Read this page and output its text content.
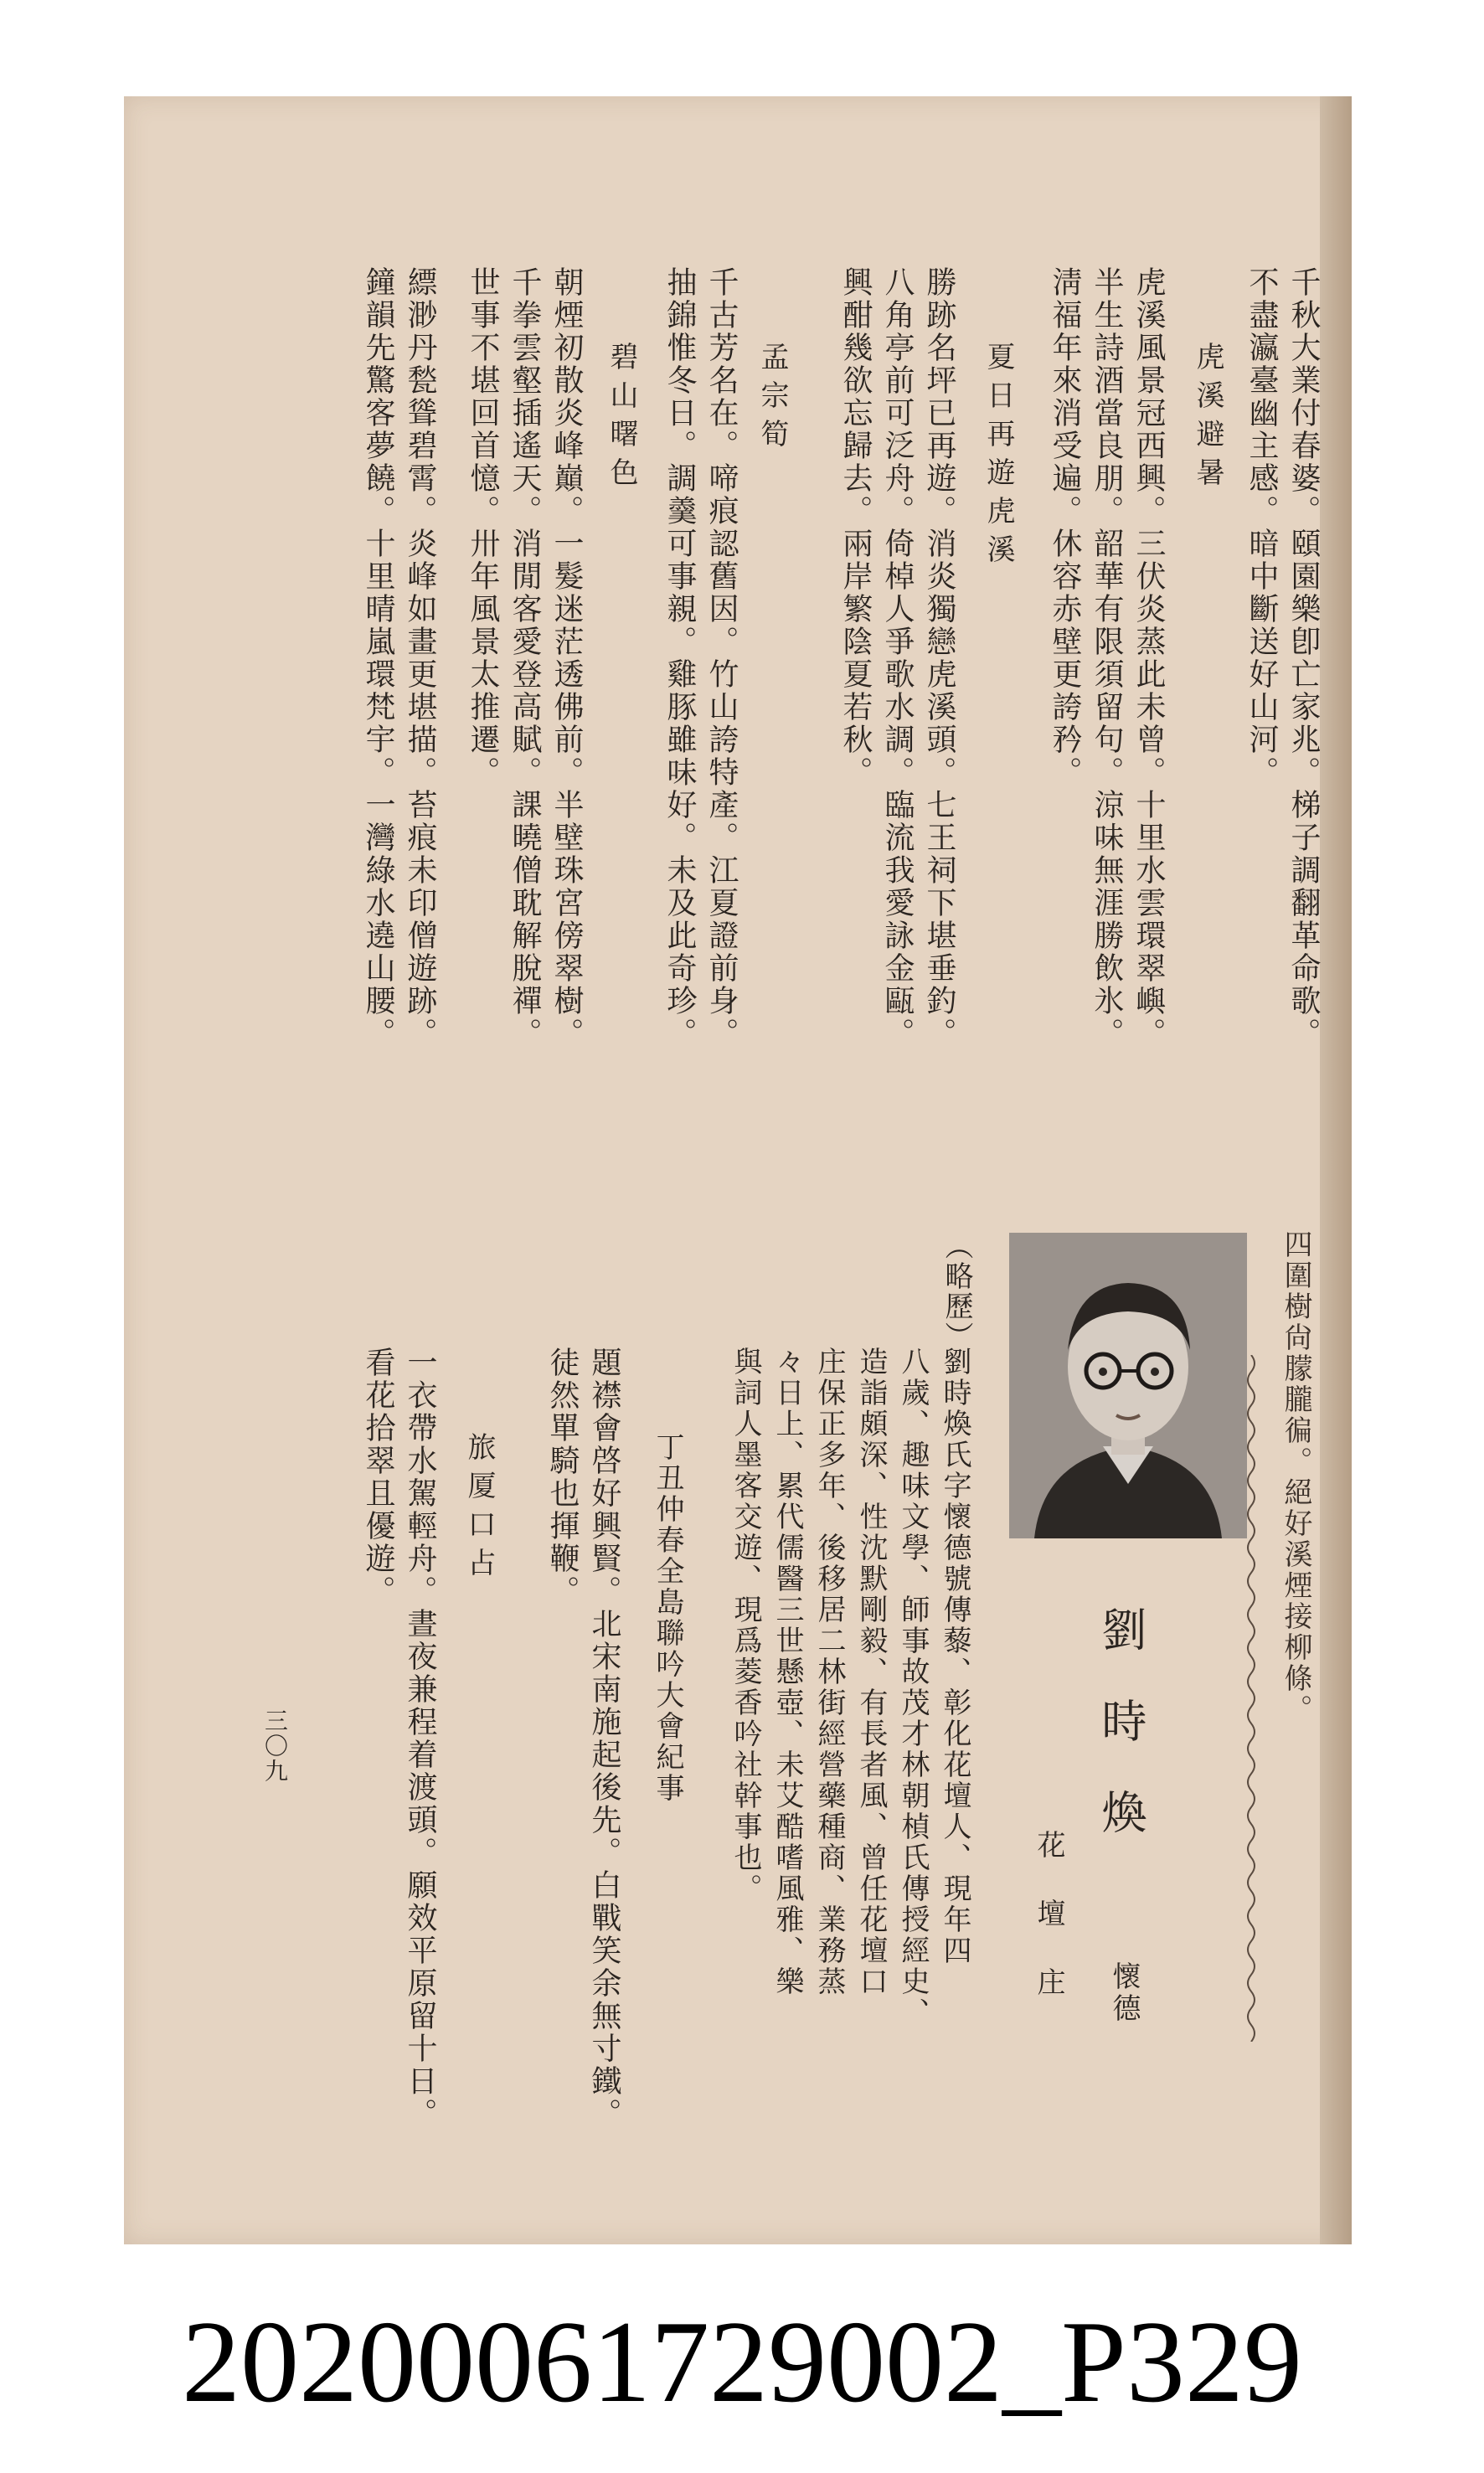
千秋大業付春婆。頤園樂卽亡家兆。梯子調翻革命歌。
不盡瀛臺幽主感。暗中斷送好山河。
虎溪避暑
虎溪風景冠西興。三伏炎蒸此未曾。十里水雲環翠嶼。
半生詩酒當良朋。韶華有限須留句。涼味無涯勝飲氷。
淸福年來消受遍。休容赤壁更誇矜。
夏日再遊虎溪
勝跡名坪已再遊。消炎獨戀虎溪頭。七王祠下堪垂釣。
八角亭前可泛舟。倚棹人爭歌水調。臨流我愛詠金甌。
興酣幾欲忘歸去。兩岸繁陰夏若秋。
孟宗筍
千古芳名在。啼痕認舊因。竹山誇特產。江夏證前身。
抽錦惟冬日。調羹可事親。雞豚雖味好。未及此奇珍。
碧山曙色
朝煙初散炎峰巔。一髮迷茫透佛前。半壁珠宮傍翠樹。
千拳雲壑插遙天。消閒客愛登高賦。課曉僧耽解脫禪。
世事不堪回首憶。卅年風景太推遷。
縹渺丹甃聳碧霄。炎峰如畫更堪描。苔痕未印僧遊跡。
鐘韻先驚客夢饒。十里晴嵐環梵宇。一灣綠水遶山腰。
四圍樹尙朦朧徧。絕好溪煙接柳條。
劉時煥
懷德
花壇庄
（略歷）
劉時煥氏字懷德號傳藜、彰化花壇人、現年四
八歲、趣味文學、師事故茂才林朝楨氏傳授經史、
造詣頗深、性沈默剛毅、有長者風、曾任花壇口
庄保正多年、後移居二林街經營藥種商、業務蒸
々日上、累代儒醫三世懸壺、未艾酷嗜風雅、樂
與詞人墨客交遊、現爲菱香吟社幹事也。
丁丑仲春全島聯吟大會紀事
題襟會啓好興賢。北宋南施起後先。白戰笑余無寸鐵。
徒然單騎也揮鞭。
旅厦口占
一衣帶水駕輕舟。晝夜兼程着渡頭。願效平原留十日。
看花拾翠且優遊。
三〇九
20200061729002_P329
